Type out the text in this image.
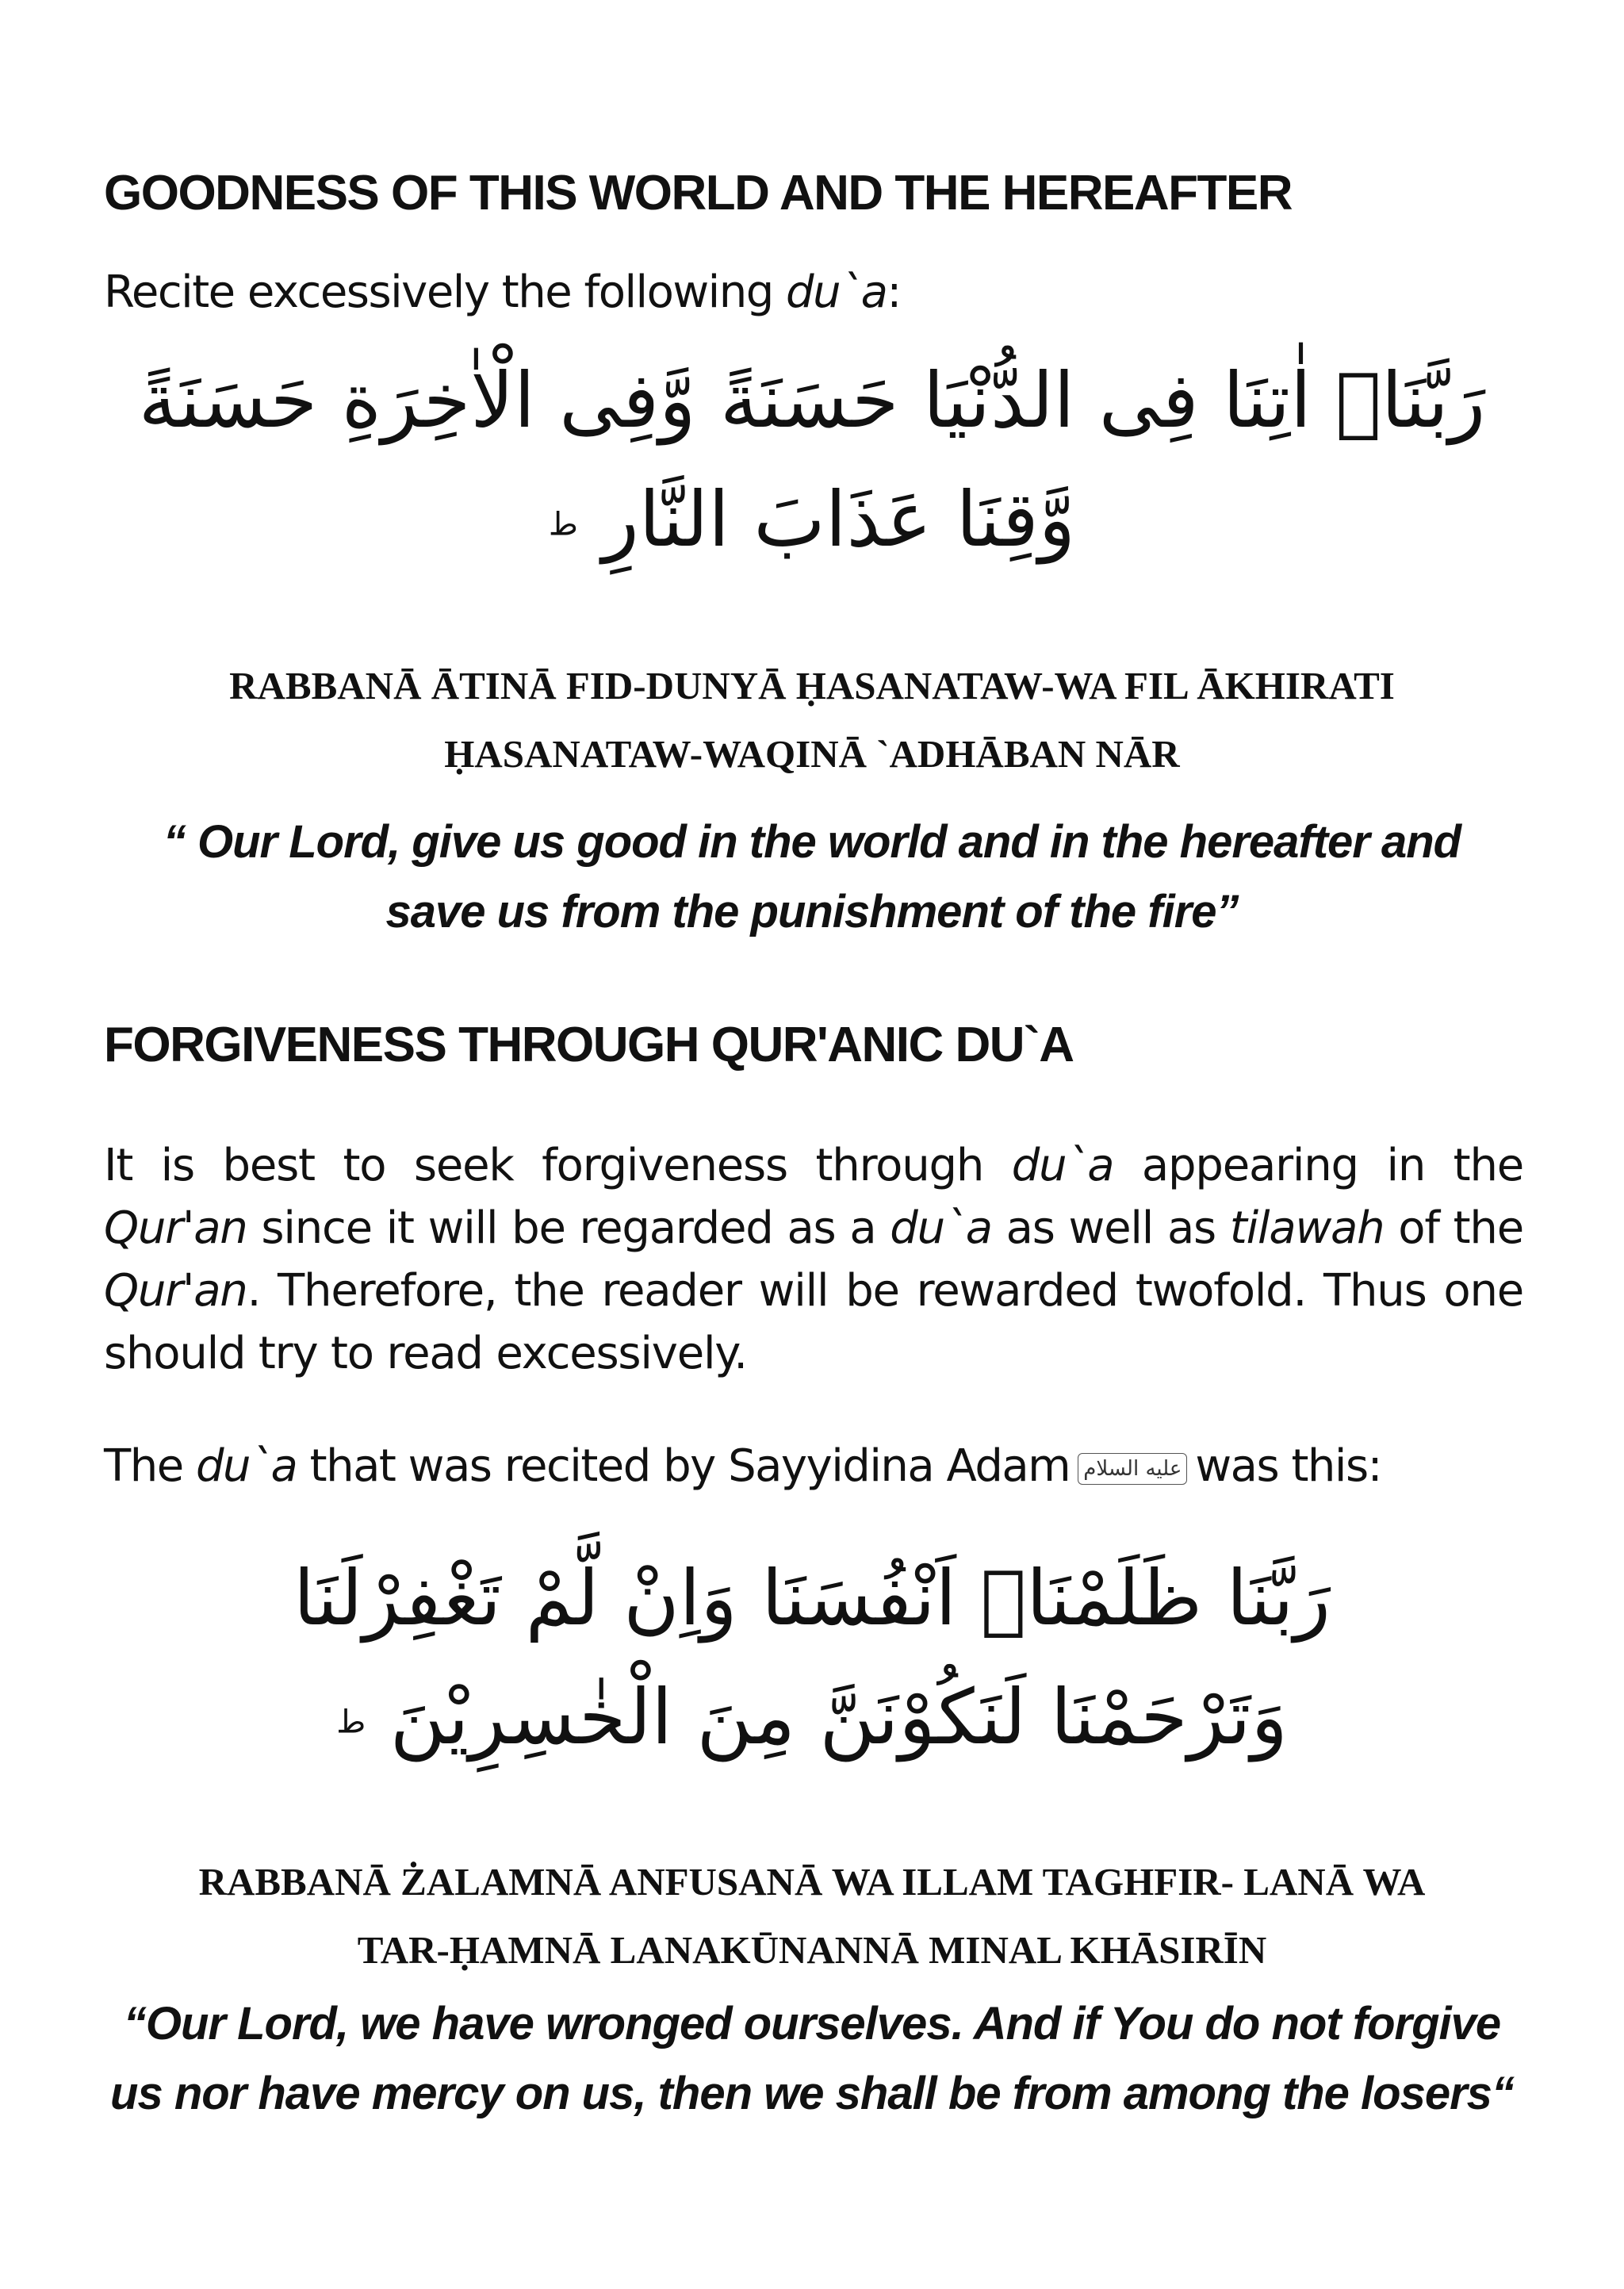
GOODNESS OF THIS WORLD AND THE HEREAFTER

Recite excessively the following du`a:

رَبَّنَاۤ اٰتِنَا فِى الدُّنْيَا حَسَنَةً وَّفِى الْاٰخِرَةِ حَسَنَةً
وَّقِنَا عَذَابَ النَّارِ ط
RABBANĀ ĀTINĀ FID-DUNYĀ ḤASANATAW-WA FIL ĀKHIRATI
ḤASANATAW-WAQINĀ `ADHĀBAN NĀR
“ Our Lord, give us good in the world and in the hereafter and
save us from the punishment of the fire”
FORGIVENESS THROUGH QUR'ANIC DU`A

It is best to seek forgiveness through du`a appearing in the Qur'an since it will be regarded as a du`a as well as tilawah of the Qur'an. Therefore, the reader will be rewarded twofold. Thus one should try to read excessively.

The du`a that was recited by Sayyidina Adam عليه السلام was this:

رَبَّنَا ظَلَمْنَاۤ اَنْفُسَنَا وَاِنْ لَّمْ تَغْفِرْلَنَا
وَتَرْحَمْنَا لَنَكُوْنَنَّ مِنَ الْخٰسِرِيْنَ ط
RABBANĀ ŻALAMNĀ ANFUSANĀ WA ILLAM TAGHFIR- LANĀ WA
TAR-ḤAMNĀ LANAKŪNANNĀ MINAL KHĀSIRĪN
“Our Lord, we have wronged ourselves. And if You do not forgive
us nor have mercy on us, then we shall be from among the losers“
